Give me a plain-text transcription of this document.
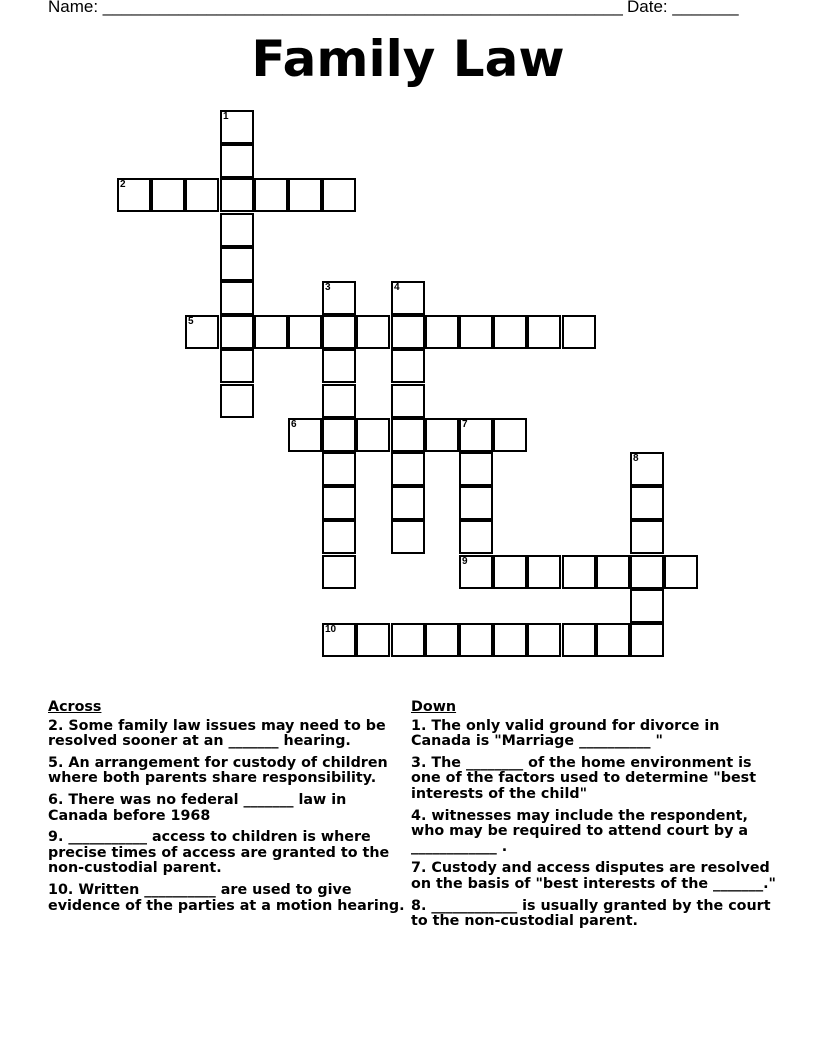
Name: _______________________________________________________ Date: _______
Family Law
1
2
3	4
5
6	7
9
8
10
Across
2. Some family law issues may need to be resolved sooner at an _______ hearing.
5. An arrangement for custody of children where both parents share responsibility.
6. There was no federal _______ law in Canada before 1968
9. ___________ access to children is where precise times of access are granted to the non-custodial parent.
10. Written __________ are used to give evidence of the parties at a motion hearing.
Down
1. The only valid ground for divorce in Canada is "Marriage __________ "
3. The ________ of the home environment is one of the factors used to determine "best interests of the child"
4. witnesses may include the respondent, who may be required to attend court by a ____________ .
7. Custody and access disputes are resolved on the basis of "best interests of the _______."
8. ____________ is usually granted by the court to the non-custodial parent.
